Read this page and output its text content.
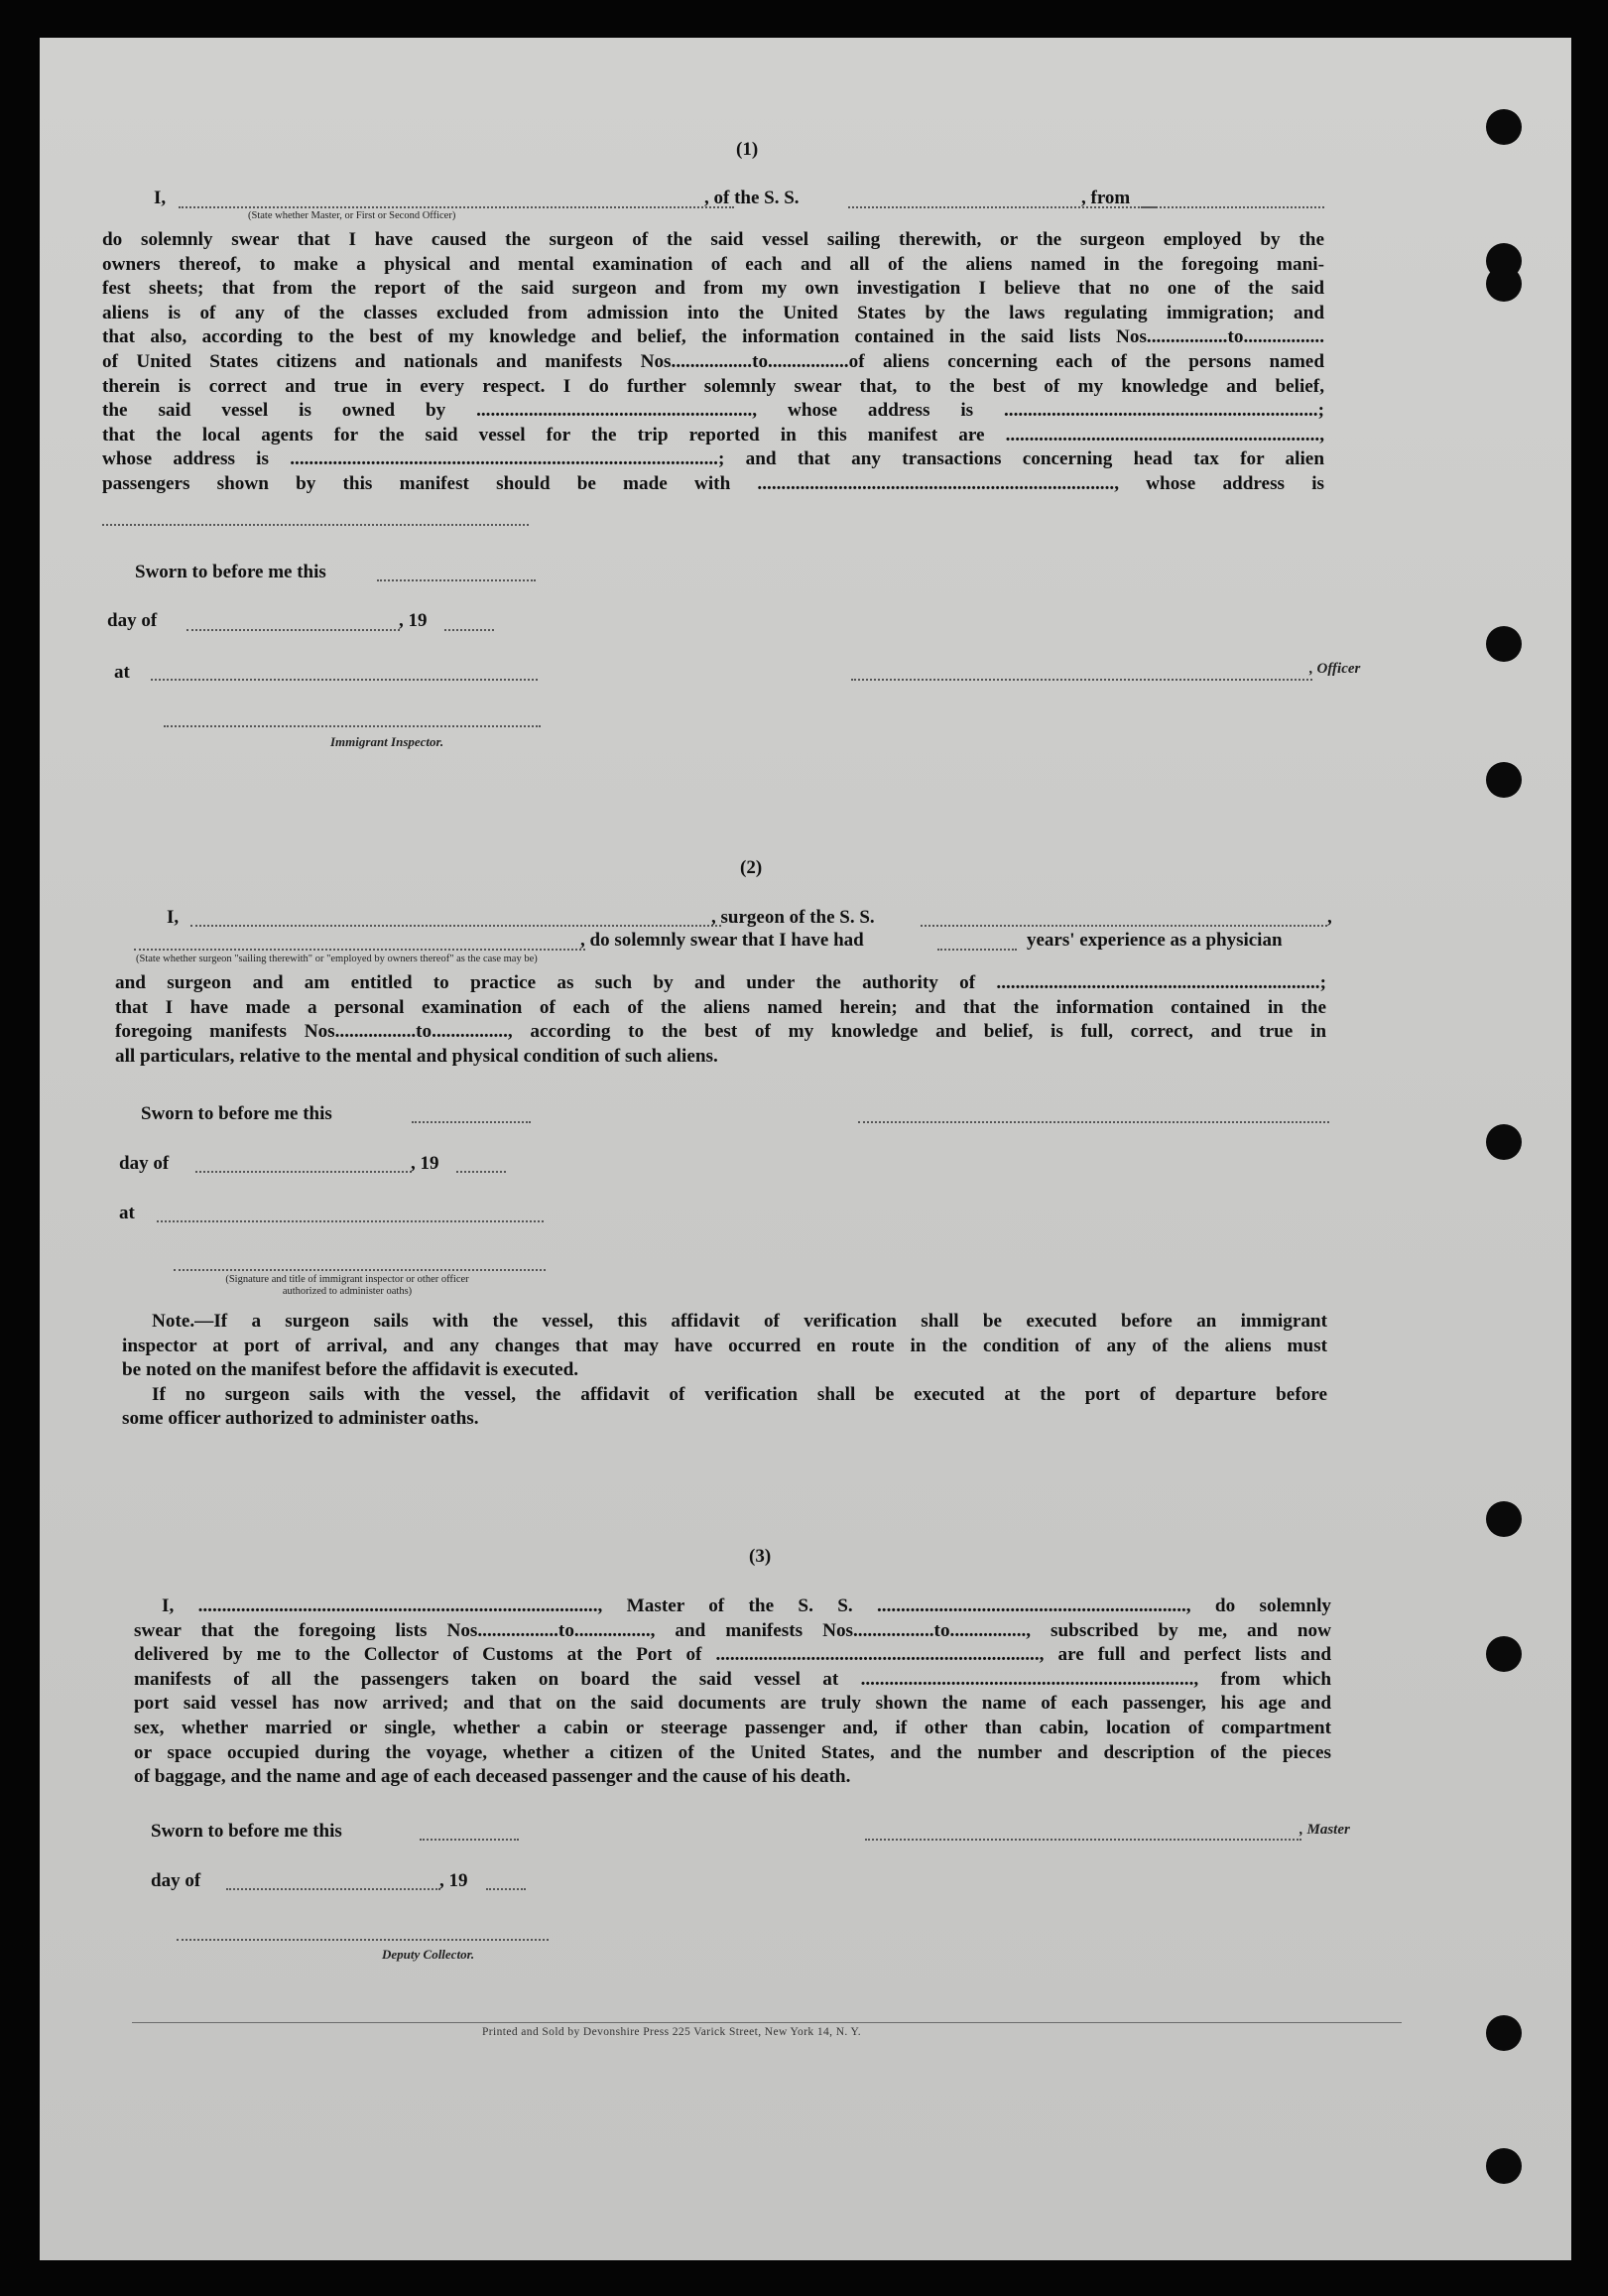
(1)
I,	, of the S. S.	, from
(State whether Master, or First or Second Officer)
do solemnly swear that I have caused the surgeon of the said vessel sailing therewith, or the surgeon employed by the
owners thereof, to make a physical and mental examination of each and all of the aliens named in the foregoing mani-
fest sheets; that from the report of the said surgeon and from my own investigation I believe that no one of the said
aliens is of any of the classes excluded from admission into the United States by the laws regulating immigration; and
that also, according to the best of my knowledge and belief, the information contained in the said lists Nos.................to.................
of United States citizens and nationals and manifests Nos.................to.................of aliens concerning each of the persons named
therein is correct and true in every respect. I do further solemnly swear that, to the best of my knowledge and belief,
the said vessel is owned by .........................................................., whose address is ..................................................................;
that the local agents for the said vessel for the trip reported in this manifest are ..................................................................,
whose address is ..........................................................................................; and that any transactions concerning head tax for alien
passengers shown by this manifest should be made with ..........................................................................., whose address is
Sworn to before me this
day of	, 19
at	, Officer
Immigrant Inspector.
(2)
I,	, surgeon of the S. S.	,
, do solemnly swear that I have had	years' experience as a physician
(State whether surgeon "sailing therewith" or "employed by owners thereof" as the case may be)
and surgeon and am entitled to practice as such by and under the authority of ....................................................................;
that I have made a personal examination of each of the aliens named herein; and that the information contained in the
foregoing manifests Nos.................to................, according to the best of my knowledge and belief, is full, correct, and true in
all particulars, relative to the mental and physical condition of such aliens.
Sworn to before me this
day of	, 19
at
(Signature and title of immigrant inspector or other officer authorized to administer oaths)
Note.—If a surgeon sails with the vessel, this affidavit of verification shall be executed before an immigrant
inspector at port of arrival, and any changes that may have occurred en route in the condition of any of the aliens must
be noted on the manifest before the affidavit is executed.
If no surgeon sails with the vessel, the affidavit of verification shall be executed at the port of departure before
some officer authorized to administer oaths.
(3)
I, ...................................................................................., Master of the S. S. ................................................................., do solemnly
swear that the foregoing lists Nos.................to................, and manifests Nos.................to................, subscribed by me, and now
delivered by me to the Collector of Customs at the Port of ...................................................................., are full and perfect lists and
manifests of all the passengers taken on board the said vessel at ......................................................................, from which
port said vessel has now arrived; and that on the said documents are truly shown the name of each passenger, his age and
sex, whether married or single, whether a cabin or steerage passenger and, if other than cabin, location of compartment
or space occupied during the voyage, whether a citizen of the United States, and the number and description of the pieces
of baggage, and the name and age of each deceased passenger and the cause of his death.
Sworn to before me this	, Master
day of	, 19
Deputy Collector.
Printed and Sold by Devonshire Press 225 Varick Street, New York 14, N. Y.
